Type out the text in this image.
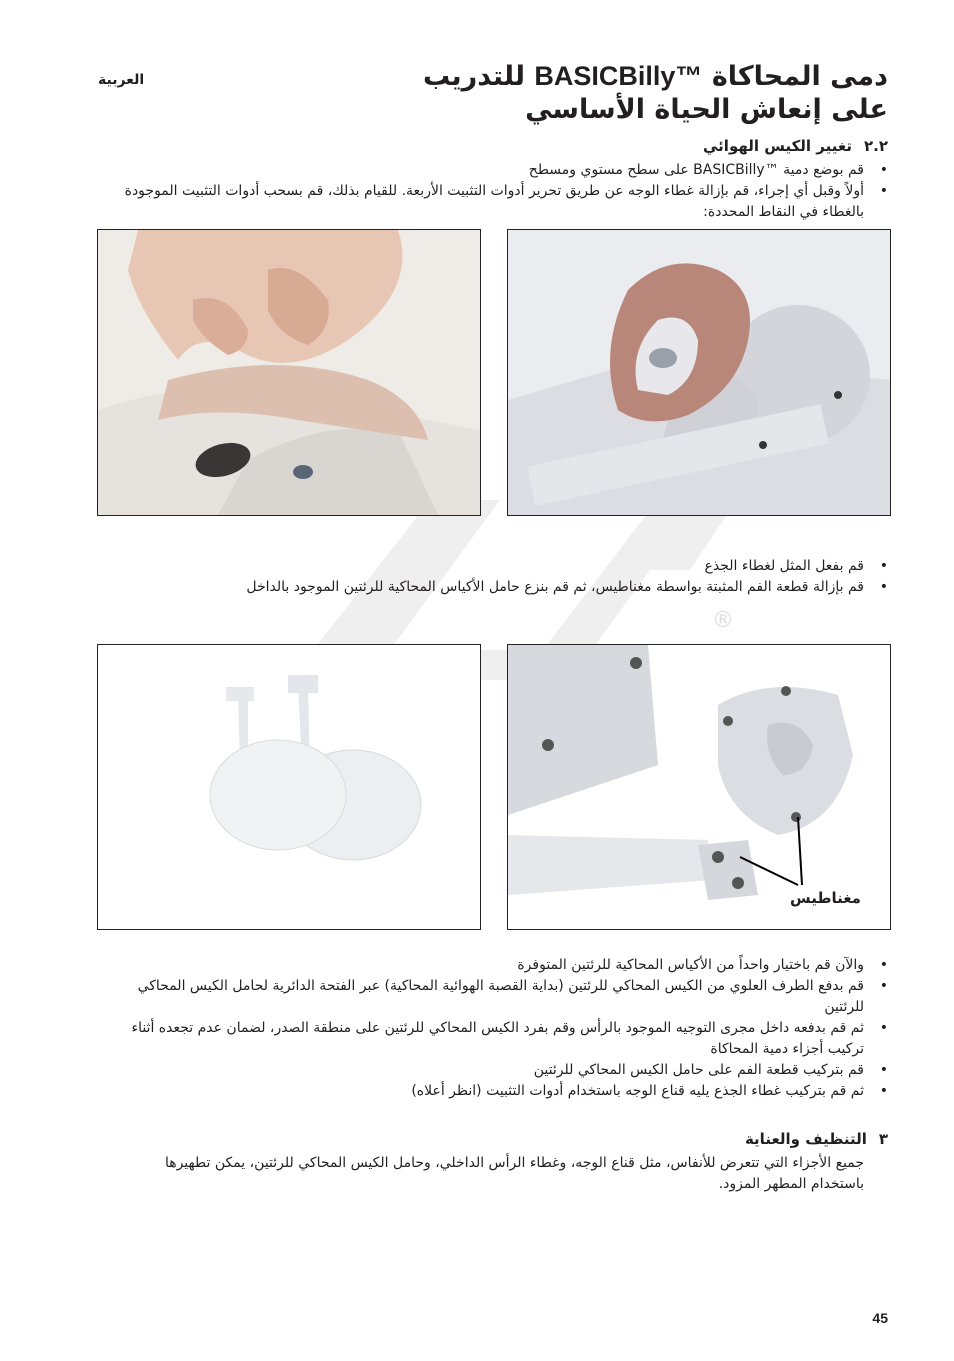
العربية	دمى المحاكاة BASICBilly™ للتدريب
على إنعاش الحياة الأساسي
٢.٢
تغيير الكيس الهوائي
قم بوضع دمية ™BASICBilly على سطح مستوي ومسطح •
أولاً وقبل أي إجراء، قم بإزالة غطاء الوجه عن طريق تحرير أدوات التثبيت الأربعة. للقيام بذلك، قم بسحب أدوات التثبيت الموجودة بالغطاء في النقاط المحددة: •
®
قم بفعل المثل لغطاء الجذع •
قم بإزالة قطعة الفم المثبتة بواسطة مغناطيس، ثم قم بنزع حامل الأكياس المحاكية للرئتين الموجود بالداخل •
مغناطيس
والآن قم باختيار واحداً من الأكياس المحاكية للرئتين المتوفرة •
قم بدفع الطرف العلوي من الكيس المحاكي للرئتين (بداية القصبة الهوائية المحاكية) عبر الفتحة الدائرية لحامل الكيس المحاكي للرئتين •
ثم قم بدفعه داخل مجرى التوجيه الموجود بالرأس وقم بفرد الكيس المحاكي للرئتين على منطقة الصدر، لضمان عدم تجعده أثناء تركيب أجزاء دمية المحاكاة •
قم بتركيب قطعة الفم على حامل الكيس المحاكي للرئتين •
ثم قم بتركيب غطاء الجذع يليه قناع الوجه باستخدام أدوات التثبيت (انظر أعلاه) •
٣
التنظيف والعناية
جميع الأجزاء التي تتعرض للأنفاس، مثل قناع الوجه، وغطاء الرأس الداخلي، وحامل الكيس المحاكي للرئتين، يمكن تطهيرها باستخدام المطهر المزود.
45
